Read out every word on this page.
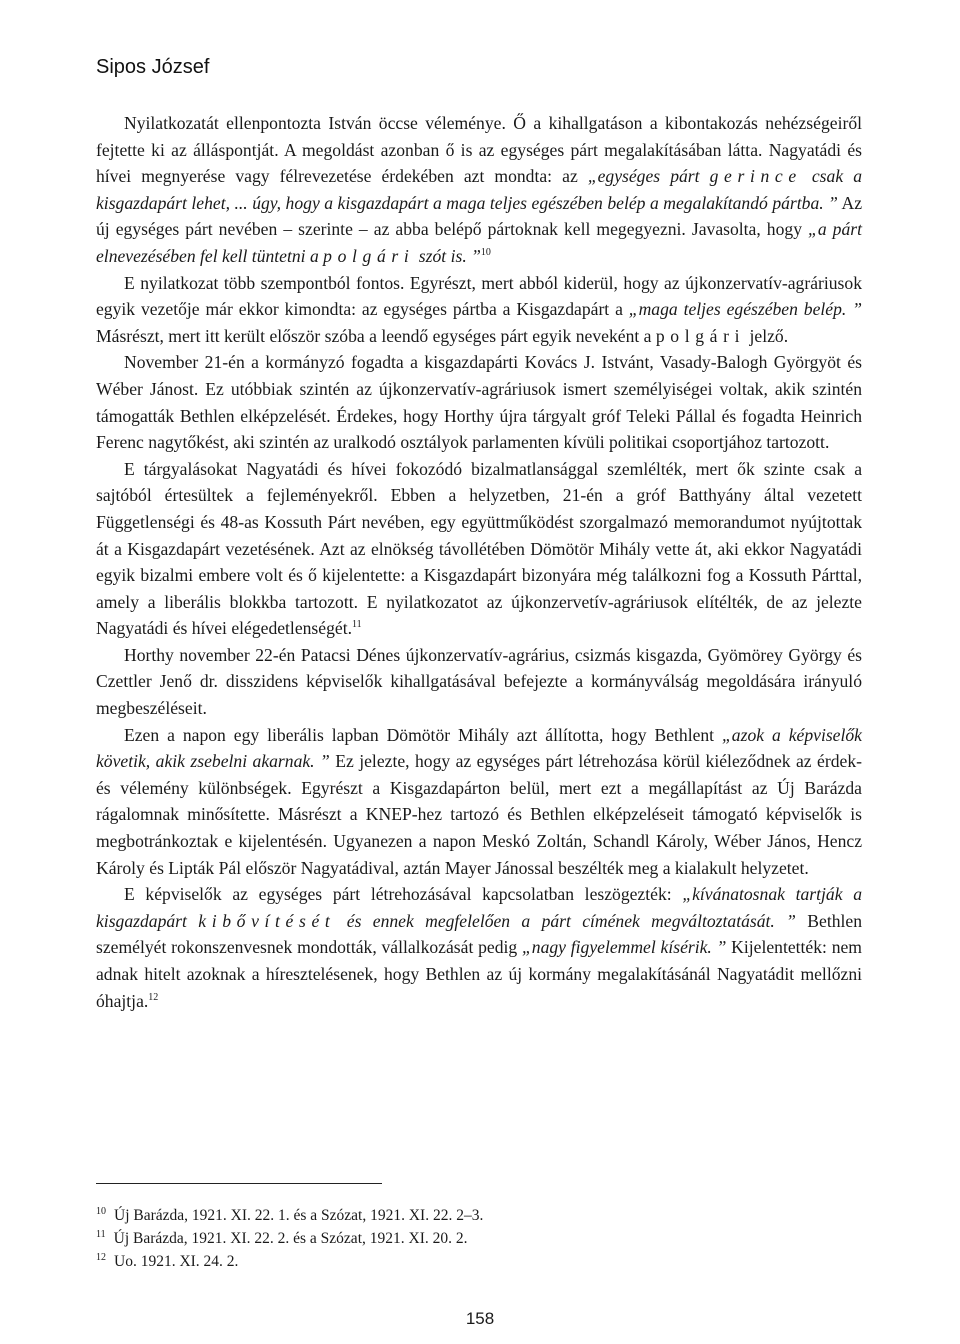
Sipos József

Nyilatkozatát ellenpontozta István öccse véleménye. Ő a kihallgatáson a kibontakozás nehézségeiről fejtette ki az álláspontját. A megoldást azonban ő is az egységes párt megalakításában látta. Nagyatádi és hívei megnyerése vagy félrevezetése érdekében azt mondta: az „egységes párt gerince csak a kisgazdapárt lehet, ... úgy, hogy a kisgazdapárt a maga teljes egészében belép a megalakítandó pártba. ” Az új egységes párt nevében – szerinte – az abba belépő pártoknak kell megegyezni. Javasolta, hogy „a párt elnevezésében fel kell tüntetni a polgári szót is. ”$^{10}$

E nyilatkozat több szempontból fontos. Egyrészt, mert abból kiderül, hogy az újkonzervatív-agráriusok egyik vezetője már ekkor kimondta: az egységes pártba a Kisgazdapárt a „maga teljes egészében belép. ” Másrészt, mert itt került először szóba a leendő egységes párt egyik neveként a polgári jelző.

November 21-én a kormányzó fogadta a kisgazdapárti Kovács J. Istvánt, Vasady-Balogh Györgyöt és Wéber Jánost. Ez utóbbiak szintén az újkonzervatív-agráriusok ismert személyiségei voltak, akik szintén támogatták Bethlen elképzelését. Érdekes, hogy Horthy újra tárgyalt gróf Teleki Pállal és fogadta Heinrich Ferenc nagytőkést, aki szintén az uralkodó osztályok parlamenten kívüli politikai csoportjához tartozott.

E tárgyalásokat Nagyatádi és hívei fokozódó bizalmatlansággal szemlélték, mert ők szinte csak a sajtóból értesültek a fejleményekről. Ebben a helyzetben, 21-én a gróf Batthyány által vezetett Függetlenségi és 48-as Kossuth Párt nevében, egy együttműködést szorgalmazó memorandumot nyújtottak át a Kisgazdapárt vezetésének. Azt az elnökség távollétében Dömötör Mihály vette át, aki ekkor Nagyatádi egyik bizalmi embere volt és ő kijelentette: a Kisgazdapárt bizonyára még találkozni fog a Kossuth Párttal, amely a liberális blokkba tartozott. E nyilatkozatot az újkonzervetív-agráriusok elítélték, de az jelezte Nagyatádi és hívei elégedetlenségét.$^{11}$

Horthy november 22-én Patacsi Dénes újkonzervatív-agrárius, csizmás kisgazda, Gyömörey György és Czettler Jenő dr. disszidens képviselők kihallgatásával befejezte a kormányválság megoldására irányuló megbeszéléseit.

Ezen a napon egy liberális lapban Dömötör Mihály azt állította, hogy Bethlent „azok a képviselők követik, akik zsebelni akarnak. ” Ez jelezte, hogy az egységes párt létrehozása körül kiéleződnek az érdek- és vélemény különbségek. Egyrészt a Kisgazdapárton belül, mert ezt a megállapítást az Új Barázda rágalomnak minősítette. Másrészt a KNEP-hez tartozó és Bethlen elképzeléseit támogató képviselők is megbotránkoztak e kijelentésén. Ugyanezen a napon Meskó Zoltán, Schandl Károly, Wéber János, Hencz Károly és Lipták Pál először Nagyatádival, aztán Mayer Jánossal beszélték meg a kialakult helyzetet.

E képviselők az egységes párt létrehozásával kapcsolatban leszögezték: „kívánatosnak tartják a kisgazdapárt kibővítését és ennek megfelelően a párt címének megváltoztatását. ” Bethlen személyét rokonszenvesnek mondották, vállalkozását pedig „nagy figyelemmel kísérik. ” Kijelentették: nem adnak hitelt azoknak a híresztelésenek, hogy Bethlen az új kormány megalakításánál Nagyatádit mellőzni óhajtja.$^{12}$

$^{10}$ Új Barázda, 1921. XI. 22. 1. és a Szózat, 1921. XI. 22. 2–3.
$^{11}$ Új Barázda, 1921. XI. 22. 2. és a Szózat, 1921. XI. 20. 2.
$^{12}$ Uo. 1921. XI. 24. 2.
158
